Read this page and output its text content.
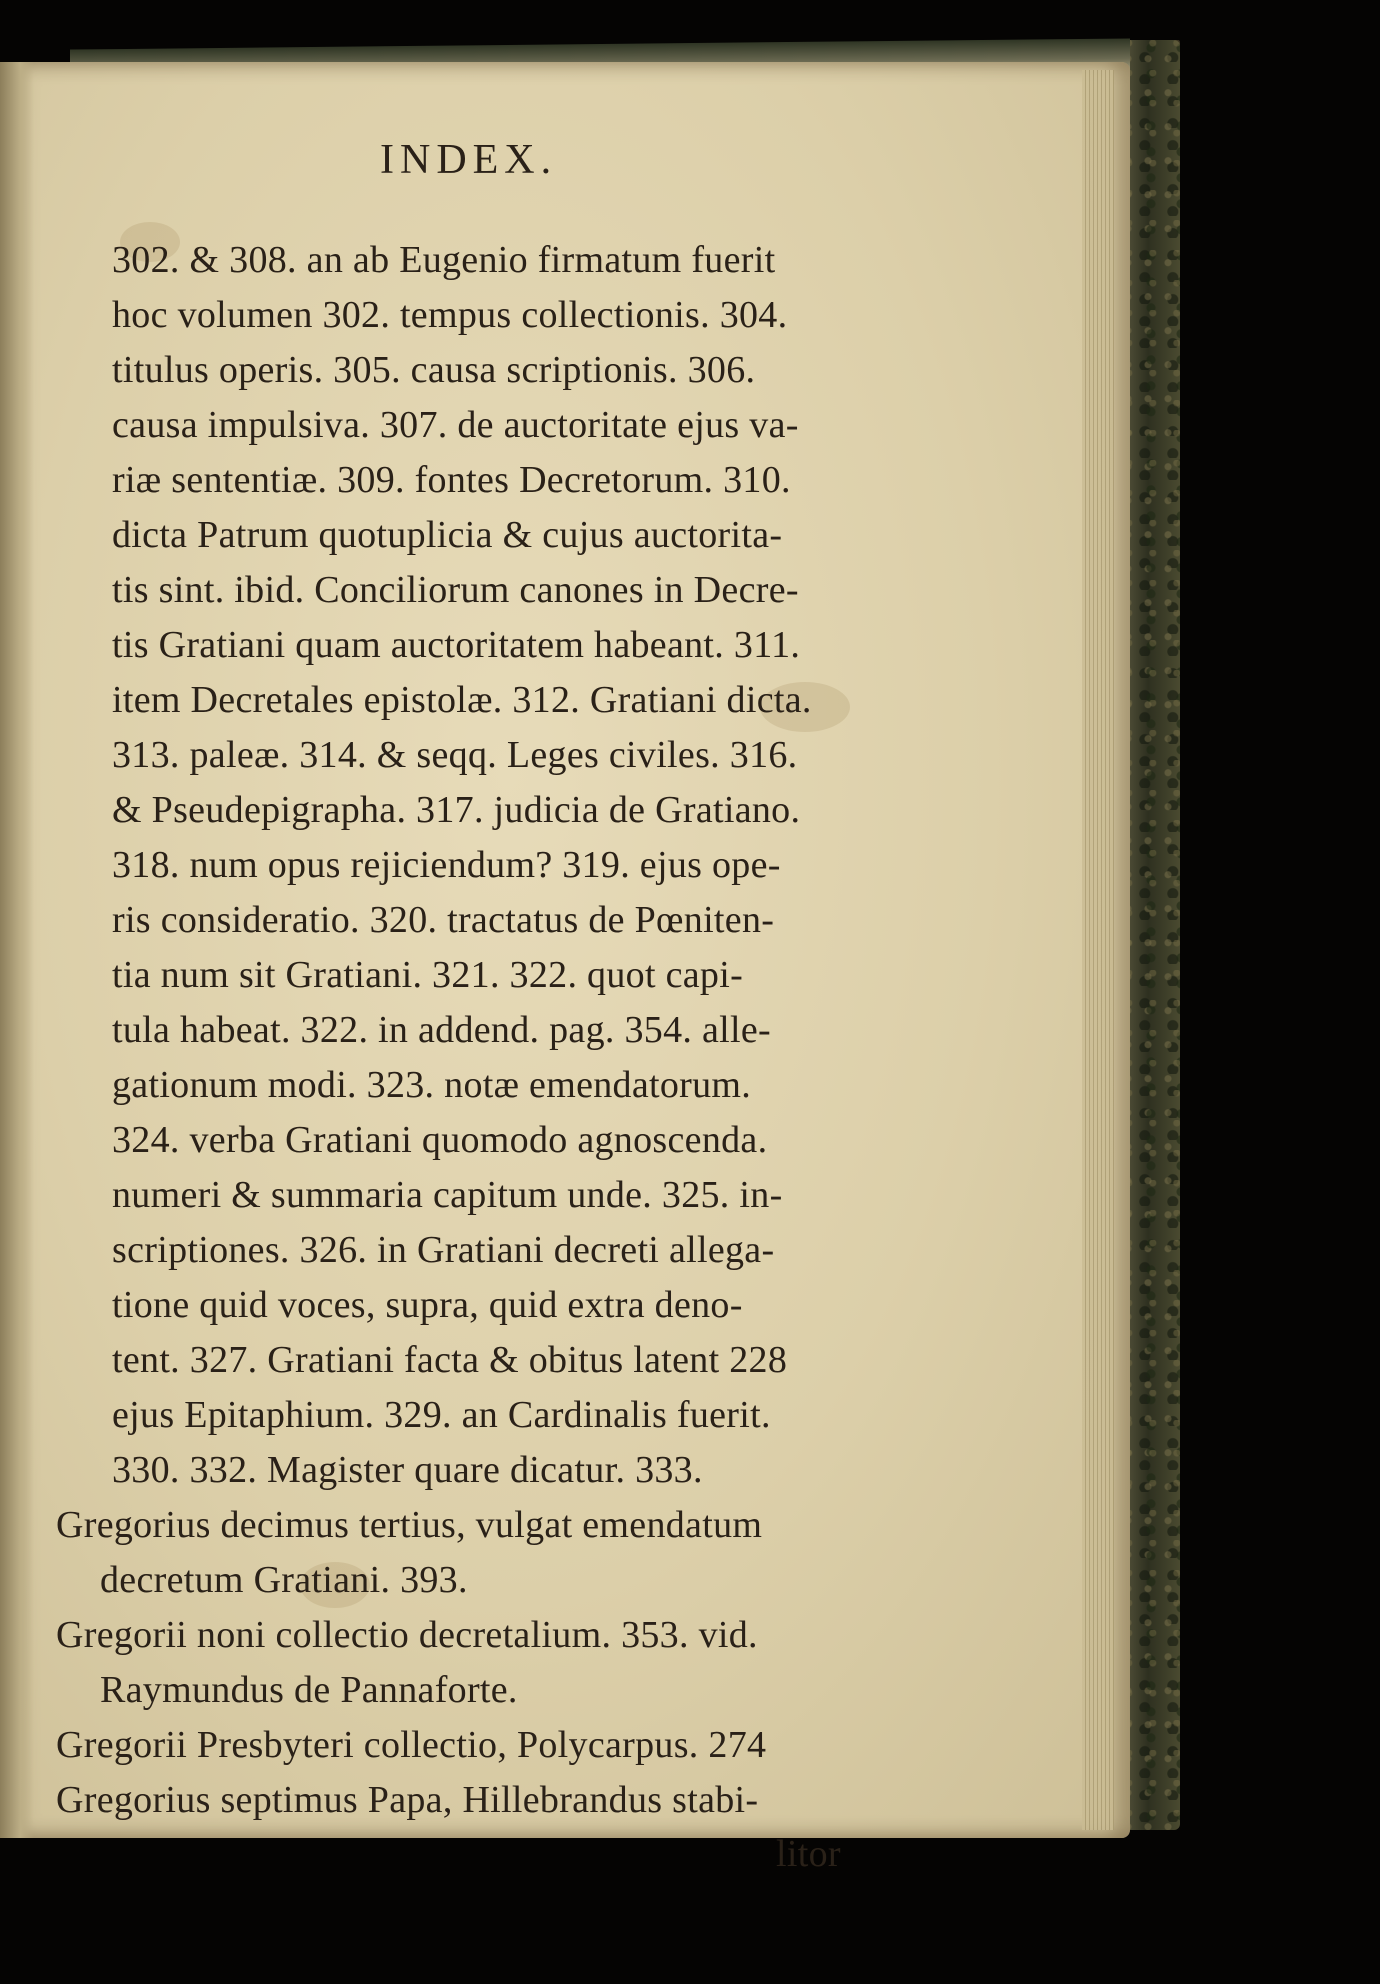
INDEX.
302. & 308. an ab Eugenio firmatum fuerit
hoc volumen 302. tempus collectionis. 304.
titulus operis. 305. causa scriptionis. 306.
causa impulsiva. 307. de auctoritate ejus va-
riæ sententiæ. 309. fontes Decretorum. 310.
dicta Patrum quotuplicia & cujus auctorita-
tis sint. ibid. Conciliorum canones in Decre-
tis Gratiani quam auctoritatem habeant. 311.
item Decretales epistolæ. 312. Gratiani dicta.
313. paleæ. 314. & seqq. Leges civiles. 316.
& Pseudepigrapha. 317. judicia de Gratiano.
318. num opus rejiciendum? 319. ejus ope-
ris consideratio. 320. tractatus de Pœniten-
tia num sit Gratiani. 321. 322. quot capi-
tula habeat. 322. in addend. pag. 354. alle-
gationum modi. 323. notæ emendatorum.
324. verba Gratiani quomodo agnoscenda.
numeri & summaria capitum unde. 325. in-
scriptiones. 326. in Gratiani decreti allega-
tione quid voces, supra, quid extra deno-
tent. 327. Gratiani facta & obitus latent 228
ejus Epitaphium. 329. an Cardinalis fuerit.
330. 332. Magister quare dicatur. 333.
Gregorius decimus tertius, vulgat emendatum
decretum Gratiani. 393.
Gregorii noni collectio decretalium. 353. vid.
Raymundus de Pannaforte.
Gregorii Presbyteri collectio, Polycarpus. 274
Gregorius septimus Papa, Hillebrandus stabi-
litor
